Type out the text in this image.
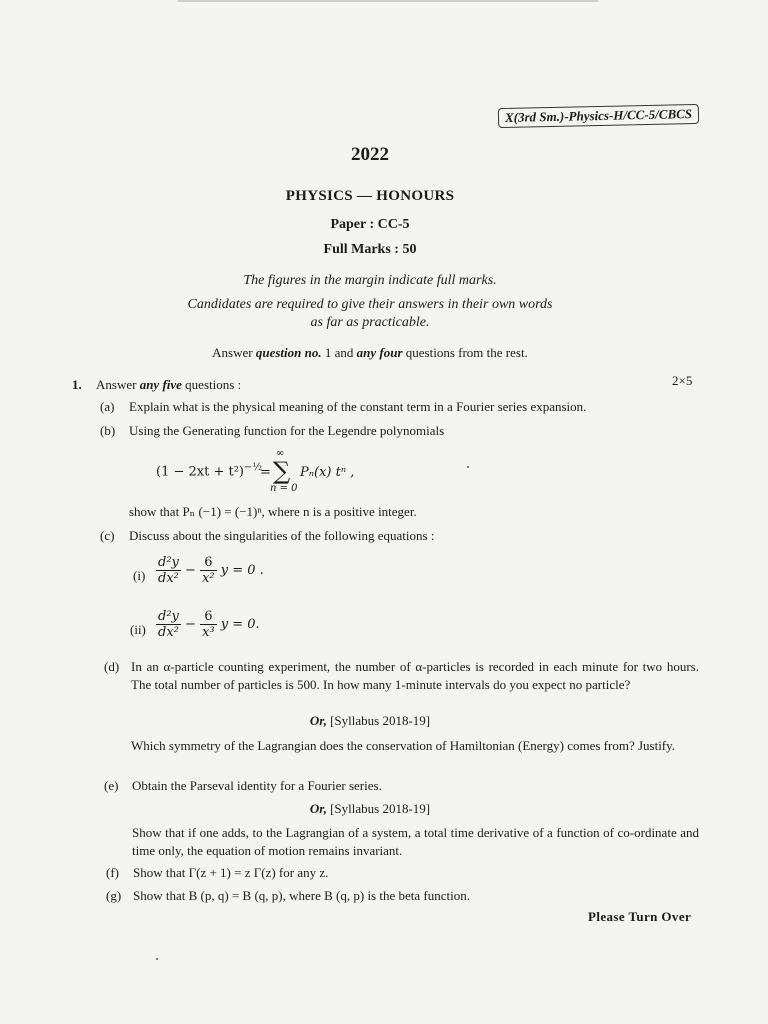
X(3rd Sm.)-Physics-H/CC-5/CBCS
2022
PHYSICS — HONOURS
Paper : CC-5
Full Marks : 50
The figures in the margin indicate full marks.
Candidates are required to give their answers in their own words
as far as practicable.
Answer question no. 1 and any four questions from the rest.
1. Answer any five questions :	2×5
(a) Explain what is the physical meaning of the constant term in a Fourier series expansion.
(b) Using the Generating function for the Legendre polynomials
$(1 - 2xt + t^2)^{-\frac{1}{2}}$
=
∞
∑
n = 0
Pₙ(x) tⁿ ,
show that Pₙ (−1) = (−1)ⁿ, where n is a positive integer.
(c) Discuss about the singularities of the following equations :
$(i) \frac{\text{d²y}}{\text{dx²}} - \frac{6}{\text{x²}}$ y = 0 .
$(ii) \frac{\text{d²y}}{\text{dx²}} - \frac{6}{\text{x³}}$ y = 0.
(d) In an α-particle counting experiment, the number of α-particles is recorded in each minute for two hours. The total number of particles is 500. In how many 1-minute intervals do you expect no particle?
Or, [Syllabus 2018-19]
Which symmetry of the Lagrangian does the conservation of Hamiltonian (Energy) comes from? Justify.
(e) Obtain the Parseval identity for a Fourier series.
Or, [Syllabus 2018-19]
Show that if one adds, to the Lagrangian of a system, a total time derivative of a function of co-ordinate and time only, the equation of motion remains invariant.
(f) Show that Γ(z + 1) = z Γ(z) for any z.
(g) Show that B (p, q) = B (q, p), where B (q, p) is the beta function.
Please Turn Over
